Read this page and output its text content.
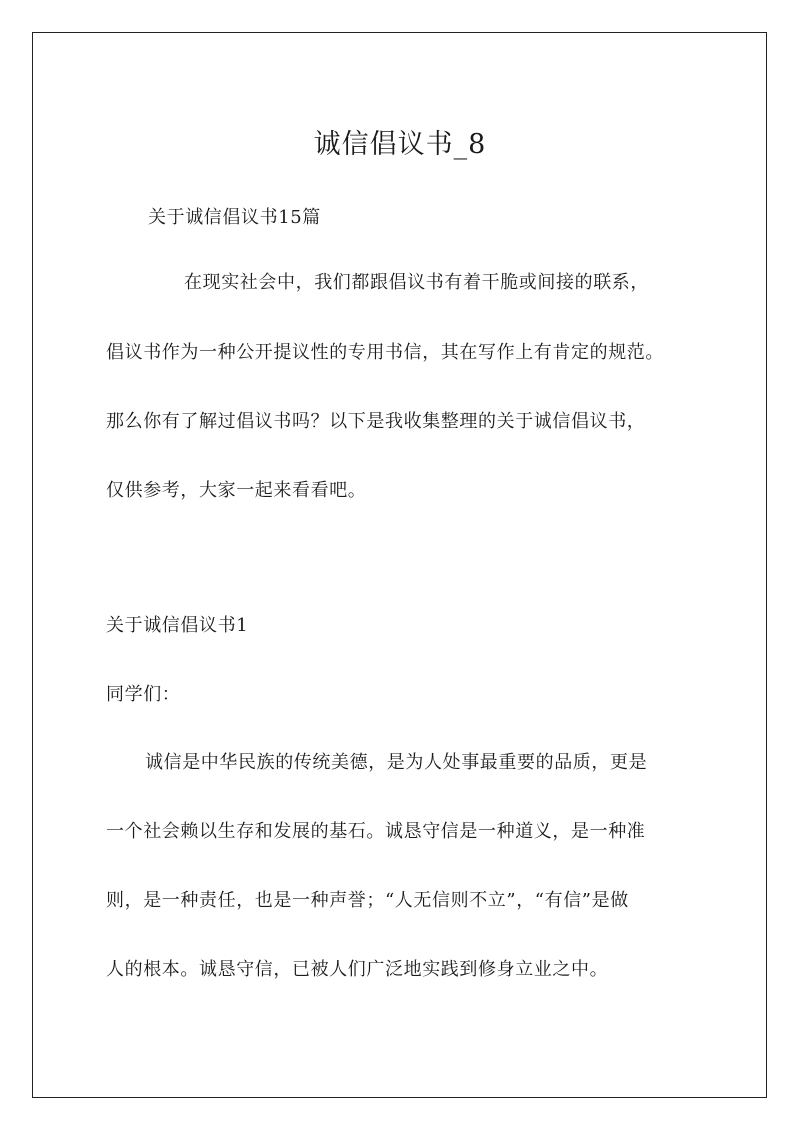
诚信倡议书_8
关于诚信倡议书15篇
在现实社会中，我们都跟倡议书有着干脆或间接的联系，
倡议书作为一种公开提议性的专用书信，其在写作上有肯定的规范。
那么你有了解过倡议书吗？以下是我收集整理的关于诚信倡议书，
仅供参考，大家一起来看看吧。
关于诚信倡议书1
同学们：
诚信是中华民族的传统美德，是为人处事最重要的品质，更是
一个社会赖以生存和发展的基石。诚恳守信是一种道义，是一种准
则，是一种责任，也是一种声誉；“人无信则不立”，“有信”是做
人的根本。诚恳守信，已被人们广泛地实践到修身立业之中。
